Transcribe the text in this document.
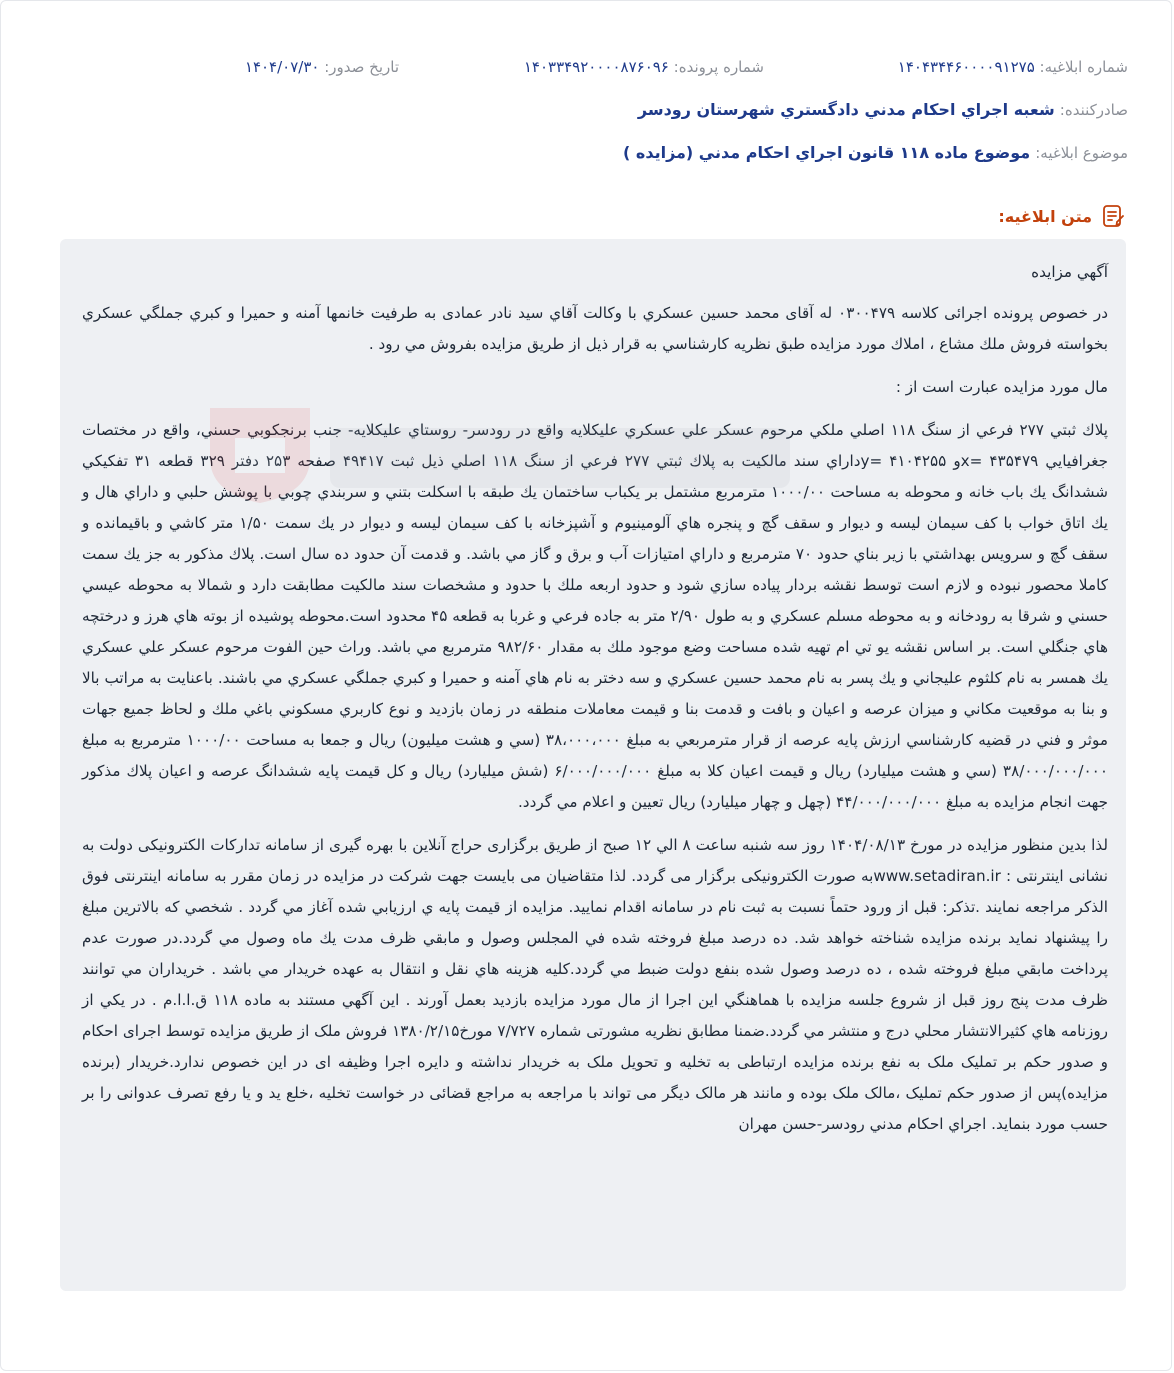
شماره ابلاغيه: ۱۴۰۴۳۴۴۶۰۰۰۰۹۱۲۷۵
شماره پرونده: ۱۴۰۳۳۴۹۲۰۰۰۰۸۷۶۰۹۶
تاريخ صدور: ۱۴۰۴/۰۷/۳۰
صادرکننده: شعبه اجراي احکام مدني دادگستري شهرستان رودسر
موضوع ابلاغيه: موضوع ماده ۱۱۸ قانون اجراي احکام مدني (مزايده )
متن ابلاغيه:

آگهي مزايده

در خصوص پرونده اجرائی کلاسه ۰۳۰۰۴۷۹ له آقای محمد حسین عسکري با وکالت آقاي سيد نادر عمادی به طرفيت خانمها آمنه و حميرا و کبري جملگي عسکري بخواسته فروش ملك مشاع ، املاك مورد مزايده طبق نظريه کارشناسي به قرار ذيل از طريق مزايده بفروش مي رود .

مال مورد مزايده عبارت است از :

پلاك ثبتي ۲۷۷ فرعي از سنگ ۱۱۸ اصلي ملکي مرحوم عسکر علي عسکري عليکلايه واقع در رودسر- روستاي عليکلايه- جنب برنجکوبي حسني، واقع در مختصات جغرافيايي ۴۳۵۴۷۹ =xو ۴۱۰۴۲۵۵ =yداراي سند مالکيت به پلاك ثبتي ۲۷۷ فرعي از سنگ ۱۱۸ اصلي ذيل ثبت ۴۹۴۱۷ صفحه ۲۵۳ دفتر ۳۲۹ قطعه ۳۱ تفکيکي ششدانگ يك باب خانه و محوطه به مساحت ۱۰۰۰/۰۰ مترمربع مشتمل بر يکباب ساختمان يك طبقه با اسکلت بتني و سربندي چوبي با پوشش حلبي و داراي هال و يك اتاق خواب با کف سيمان ليسه و ديوار و سقف گچ و پنجره هاي آلومينيوم و آشپزخانه با کف سيمان ليسه و ديوار در يك سمت ۱/۵۰ متر کاشي و باقيمانده و سقف گچ و سرويس بهداشتي با زير بناي حدود ۷۰ مترمربع و داراي امتيازات آب و برق و گاز مي باشد. و قدمت آن حدود ده سال است. پلاك مذکور به جز يك سمت کاملا محصور نبوده و لازم است توسط نقشه بردار پياده سازي شود و حدود اربعه ملك با حدود و مشخصات سند مالکيت مطابقت دارد و شمالا به محوطه عيسي حسني و شرقا به رودخانه و به محوطه مسلم عسکري و به طول ۲/۹۰ متر به جاده فرعي و غربا به قطعه ۴۵ محدود است.محوطه پوشيده از بوته هاي هرز و درختچه هاي جنگلي است. بر اساس نقشه يو تي ام تهيه شده مساحت وضع موجود ملك به مقدار ۹۸۲/۶۰ مترمربع مي باشد. وراث حين الفوت مرحوم عسکر علي عسکري يك همسر به نام کلثوم عليجاني و يك پسر به نام محمد حسين عسکري و سه دختر به نام هاي آمنه و حميرا و کبري جملگي عسکري مي باشند. باعنايت به مراتب بالا و بنا به موقعيت مکاني و ميزان عرصه و اعيان و بافت و قدمت بنا و قيمت معاملات منطقه در زمان بازديد و نوع کاربري مسکوني باغي ملك و لحاظ جميع جهات موثر و فني در قضيه کارشناسي ارزش پايه عرصه از قرار مترمربعي به مبلغ ۳۸،۰۰۰،۰۰۰ (سي و هشت ميليون) ريال و جمعا به مساحت ۱۰۰۰/۰۰ مترمربع به مبلغ ۳۸/۰۰۰/۰۰۰/۰۰۰ (سي و هشت ميليارد) ريال و قيمت اعيان کلا به مبلغ ۶/۰۰۰/۰۰۰/۰۰۰ (شش ميليارد) ريال و کل قيمت پايه ششدانگ عرصه و اعيان پلاك مذکور جهت انجام مزايده به مبلغ ۴۴/۰۰۰/۰۰۰/۰۰۰ (چهل و چهار ميليارد) ريال تعيين و اعلام مي گردد.

لذا بدين منظور مزايده در مورخ ۱۴۰۴/۰۸/۱۳ روز سه شنبه ساعت ۸ الي ۱۲ صبح از طريق برگزاری حراج آنلاين با بهره گيری از سامانه تدارکات الکترونيکی دولت به نشانی اينترنتی : www.setadiran.irبه صورت الکترونيکی برگزار می گردد. لذا متقاضيان می بايست جهت شرکت در مزايده در زمان مقرر به سامانه اينترنتی فوق الذکر مراجعه نمايند .تذکر: قبل از ورود حتماً نسبت به ثبت نام در سامانه اقدام نماييد. مزايده از قيمت پايه ي ارزيابي شده آغاز مي گردد . شخصي که بالاترين مبلغ را پيشنهاد نمايد برنده مزايده شناخته خواهد شد. ده درصد مبلغ فروخته شده في المجلس وصول و مابقي ظرف مدت يك ماه وصول مي گردد.در صورت عدم پرداخت مابقي مبلغ فروخته شده ، ده درصد وصول شده بنفع دولت ضبط مي گردد.کليه هزينه هاي نقل و انتقال به عهده خريدار مي باشد . خريداران مي توانند ظرف مدت پنج روز قبل از شروع جلسه مزايده با هماهنگي اين اجرا از مال مورد مزايده بازديد بعمل آورند . اين آگهي مستند به ماده ۱۱۸ ق.ا.ا.م . در يکي از روزنامه هاي کثيرالانتشار محلي درج و منتشر مي گردد.ضمنا مطابق نظريه مشورتی شماره ۷/۷۲۷ مورخ۱۳۸۰/۲/۱۵ فروش ملک از طريق مزايده توسط اجرای احکام و صدور حکم بر تمليک ملک به نفع برنده مزايده ارتباطی به تخليه و تحويل ملک به خريدار نداشته و دايره اجرا وظيفه ای در اين خصوص ندارد.خريدار (برنده مزايده)پس از صدور حکم تمليک ،مالک ملک بوده و مانند هر مالک ديگر می تواند با مراجعه به مراجع قضائی در خواست تخليه ،خلع يد و يا رفع تصرف عدوانی را بر حسب مورد بنمايد. اجراي احکام مدني رودسر-حسن مهران
